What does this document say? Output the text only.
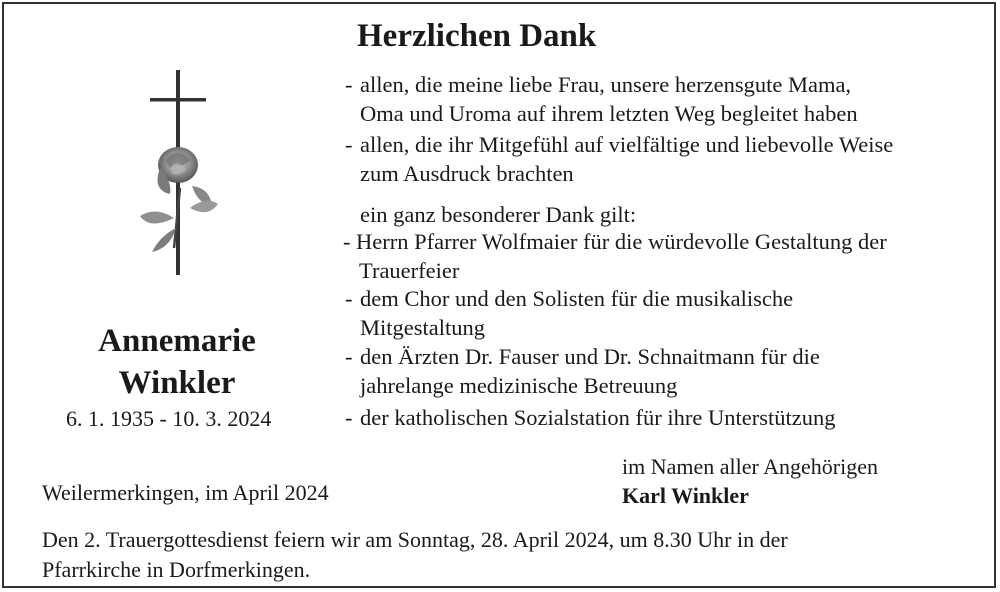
Herzlichen Dank
Annemarie
Winkler
6. 1. 1935 - 10. 3. 2024
- allen, die meine liebe Frau, unsere herzensgute Mama,
Oma und Uroma auf ihrem letzten Weg begleitet haben
- allen, die ihr Mitgefühl auf vielfältige und liebevolle Weise
zum Ausdruck brachten
ein ganz besonderer Dank gilt:
- Herrn Pfarrer Wolfmaier für die würdevolle Gestaltung der
Trauerfeier
- dem Chor und den Solisten für die musikalische
Mitgestaltung
- den Ärzten Dr. Fauser und Dr. Schnaitmann für die
jahrelange medizinische Betreuung
- der katholischen Sozialstation für ihre Unterstützung
Weilermerkingen, im April 2024
im Namen aller Angehörigen
Karl Winkler
Den 2. Trauergottesdienst feiern wir am Sonntag, 28. April 2024, um 8.30 Uhr in der
Pfarrkirche in Dorfmerkingen.
